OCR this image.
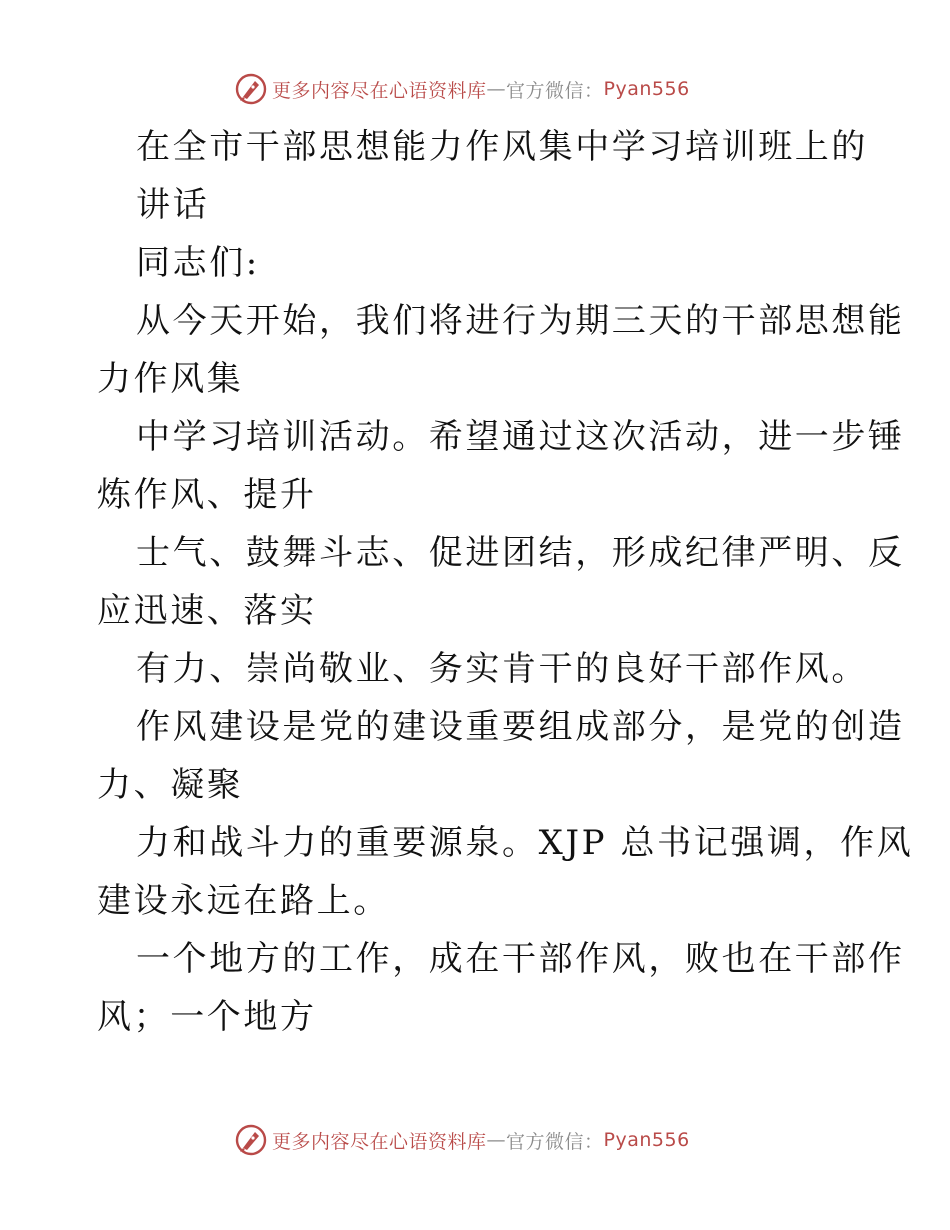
更多内容尽在心语资料库 — 官方微信： Pyan556
在全市干部思想能力作风集中学习培训班上的
讲话
同志们:
从今天开始，我们将进行为期三天的干部思想能
力作风集
中学习培训活动。希望通过这次活动，进一步锤
炼作风、提升
士气、鼓舞斗志、促进团结，形成纪律严明、反
应迅速、落实
有力、崇尚敬业、务实肯干的良好干部作风。
作风建设是党的建设重要组成部分，是党的创造
力、凝聚
力和战斗力的重要源泉。XJP 总书记强调，作风
建设永远在路上。
一个地方的工作，成在干部作风，败也在干部作
风；一个地方
更多内容尽在心语资料库 — 官方微信： Pyan556
